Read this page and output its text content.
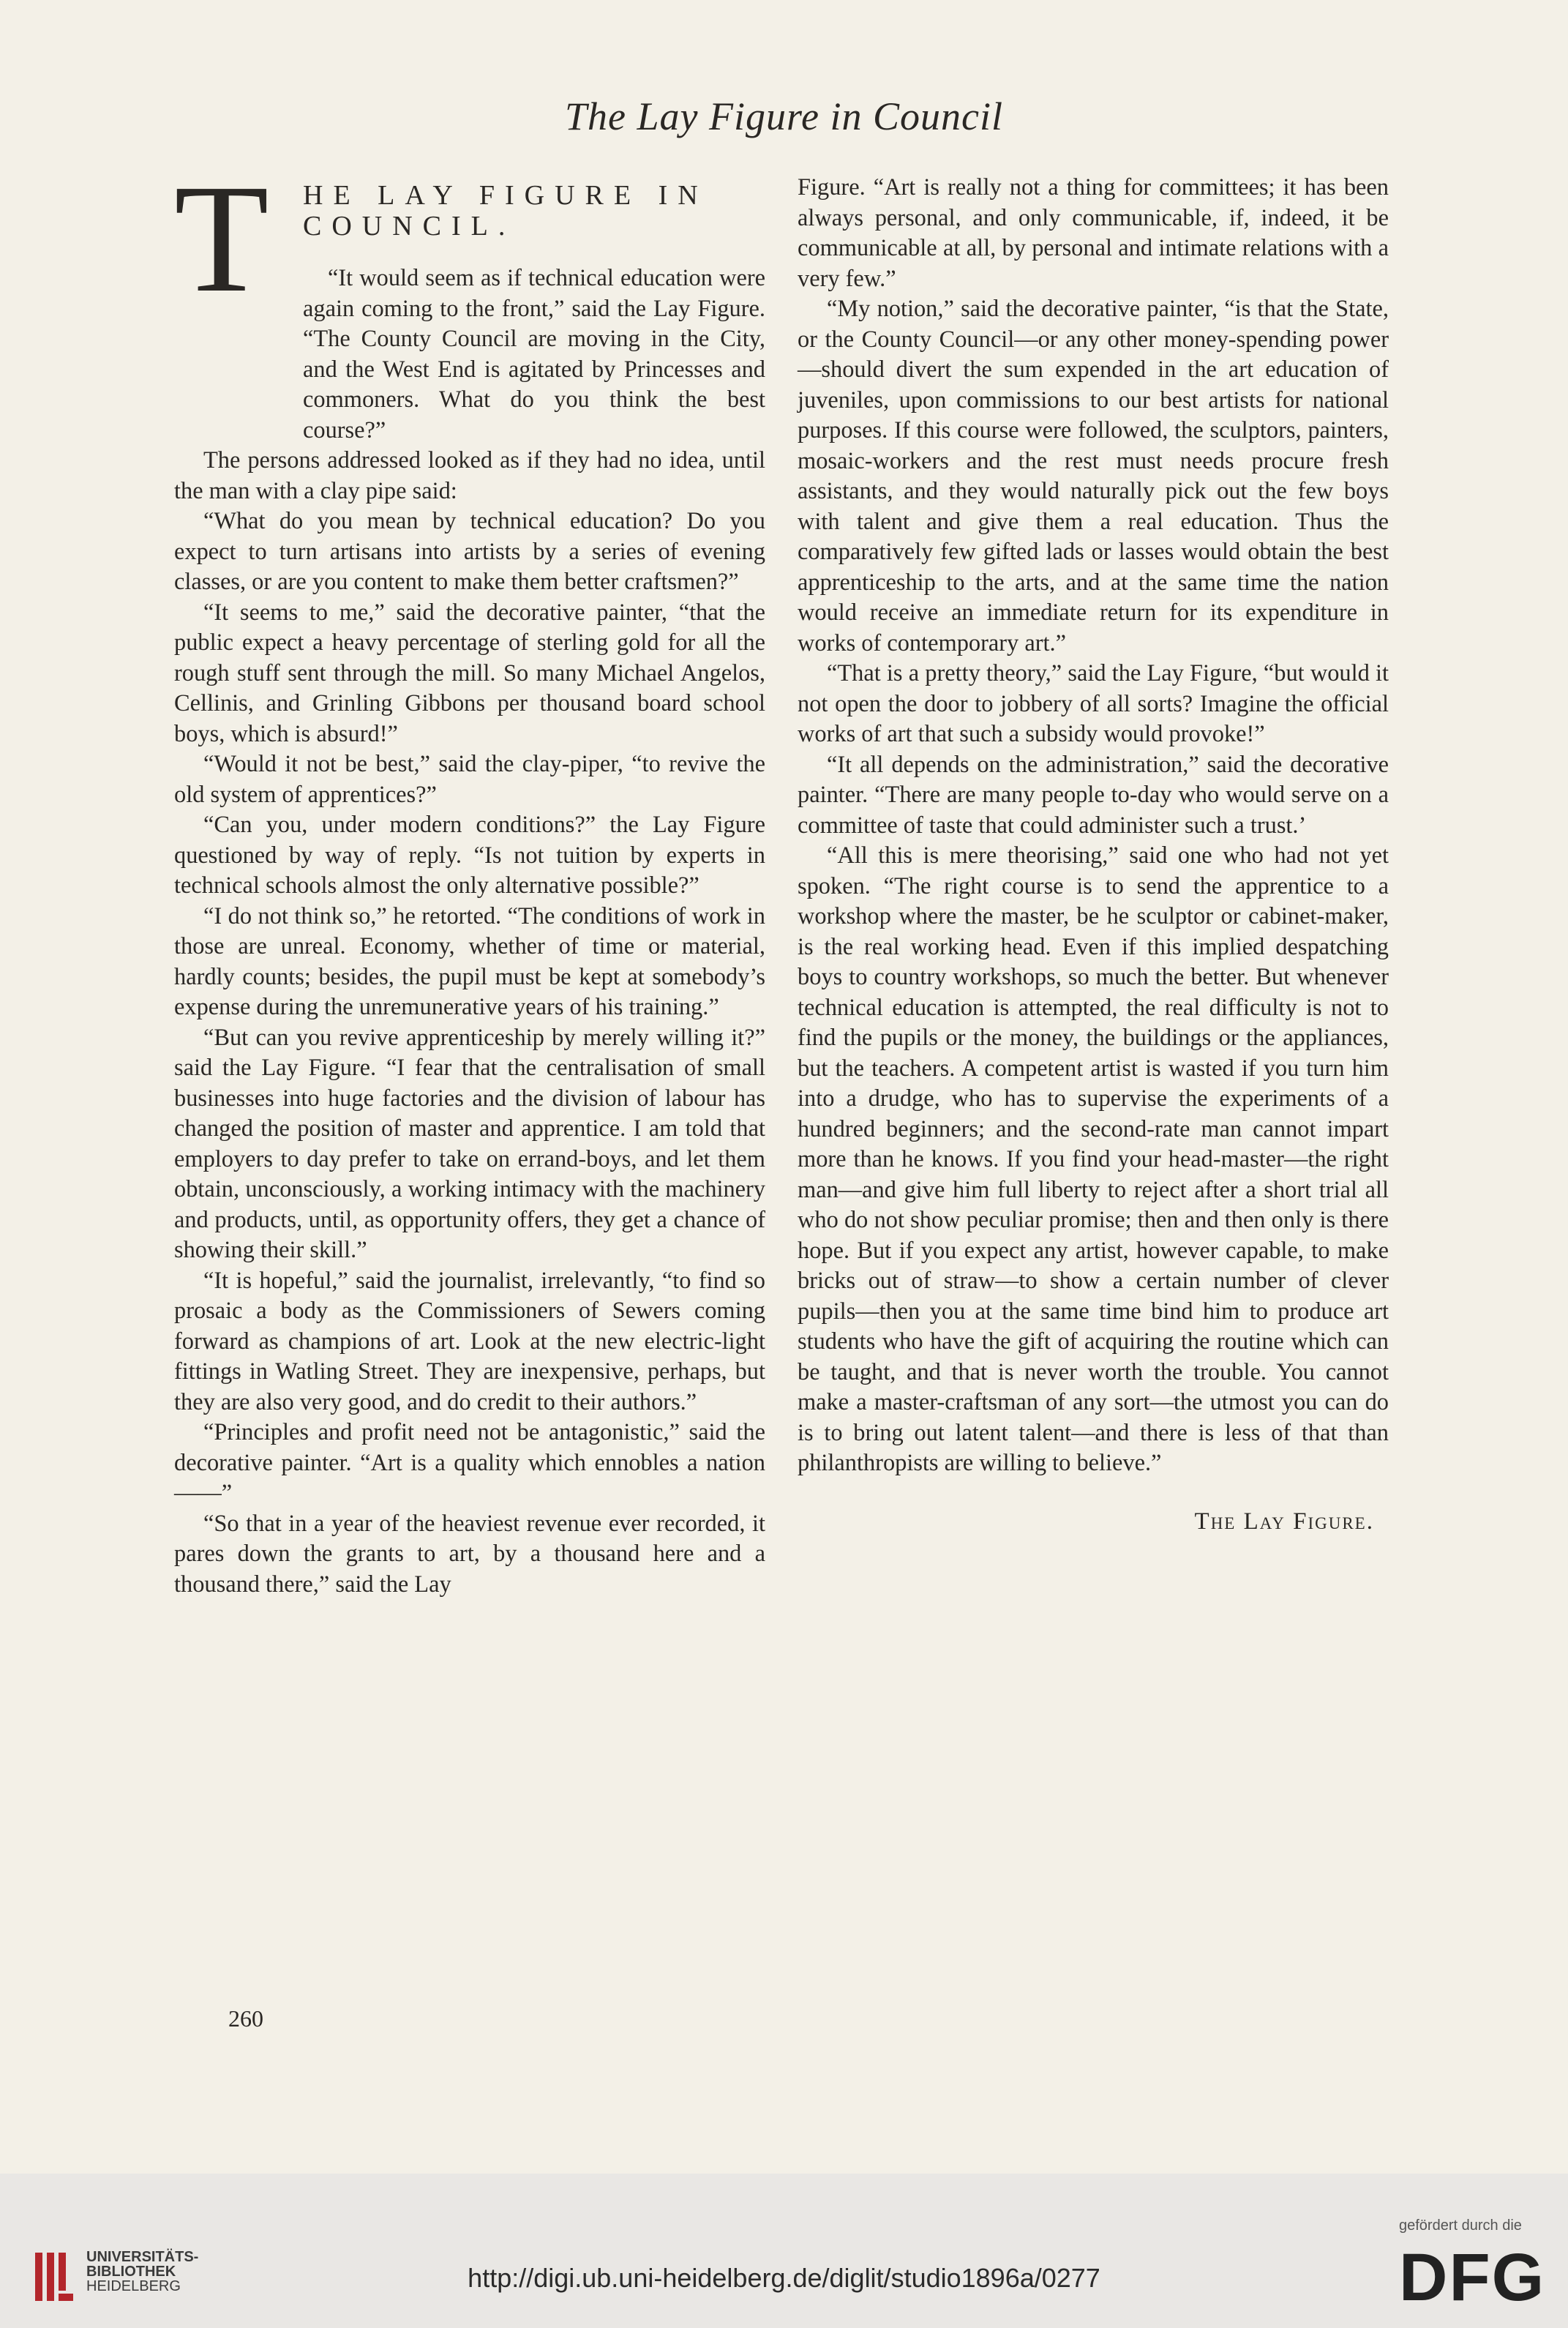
The Lay Figure in Council
T HE LAY FIGURE IN
COUNCIL.

“It would seem as if technical education were again coming to the front,” said the Lay Figure. “The County Council are moving in the City, and the West End is agitated by Princesses and commoners. What do you think the best course?”

The persons addressed looked as if they had no idea, until the man with a clay pipe said:

“What do you mean by technical education? Do you expect to turn artisans into artists by a series of evening classes, or are you content to make them better craftsmen?”

“It seems to me,” said the decorative painter, “that the public expect a heavy percentage of sterling gold for all the rough stuff sent through the mill. So many Michael Angelos, Cellinis, and Grinling Gibbons per thousand board school boys, which is absurd!”

“Would it not be best,” said the clay-piper, “to revive the old system of apprentices?”

“Can you, under modern conditions?” the Lay Figure questioned by way of reply. “Is not tuition by experts in technical schools almost the only alternative possible?”

“I do not think so,” he retorted. “The conditions of work in those are unreal. Economy, whether of time or material, hardly counts; besides, the pupil must be kept at somebody’s expense during the unremunerative years of his training.”

“But can you revive apprenticeship by merely willing it?” said the Lay Figure. “I fear that the centralisation of small businesses into huge factories and the division of labour has changed the position of master and apprentice. I am told that employers to day prefer to take on errand-boys, and let them obtain, unconsciously, a working intimacy with the machinery and products, until, as opportunity offers, they get a chance of showing their skill.”

“It is hopeful,” said the journalist, irrelevantly, “to find so prosaic a body as the Commissioners of Sewers coming forward as champions of art. Look at the new electric-light fittings in Watling Street. They are inexpensive, perhaps, but they are also very good, and do credit to their authors.”

“Principles and profit need not be antagonistic,” said the decorative painter. “Art is a quality which ennobles a nation——”

“So that in a year of the heaviest revenue ever recorded, it pares down the grants to art, by a thousand here and a thousand there,” said the Lay

Figure. “Art is really not a thing for committees; it has been always personal, and only communicable, if, indeed, it be communicable at all, by personal and intimate relations with a very few.”

“My notion,” said the decorative painter, “is that the State, or the County Council—or any other money-spending power—should divert the sum expended in the art education of juveniles, upon commissions to our best artists for national purposes. If this course were followed, the sculptors, painters, mosaic-workers and the rest must needs procure fresh assistants, and they would naturally pick out the few boys with talent and give them a real education. Thus the comparatively few gifted lads or lasses would obtain the best apprenticeship to the arts, and at the same time the nation would receive an immediate return for its expenditure in works of contemporary art.”

“That is a pretty theory,” said the Lay Figure, “but would it not open the door to jobbery of all sorts? Imagine the official works of art that such a subsidy would provoke!”

“It all depends on the administration,” said the decorative painter. “There are many people to-day who would serve on a committee of taste that could administer such a trust.’

“All this is mere theorising,” said one who had not yet spoken. “The right course is to send the apprentice to a workshop where the master, be he sculptor or cabinet-maker, is the real working head. Even if this implied despatching boys to country workshops, so much the better. But whenever technical education is attempted, the real difficulty is not to find the pupils or the money, the buildings or the appliances, but the teachers. A competent artist is wasted if you turn him into a drudge, who has to supervise the experiments of a hundred beginners; and the second-rate man cannot impart more than he knows. If you find your head-master—the right man—and give him full liberty to reject after a short trial all who do not show peculiar promise; then and then only is there hope. But if you expect any artist, however capable, to make bricks out of straw—to show a certain number of clever pupils—then you at the same time bind him to produce art students who have the gift of acquiring the routine which can be taught, and that is never worth the trouble. You cannot make a master-craftsman of any sort—the utmost you can do is to bring out latent talent—and there is less of that than philanthropists are willing to believe.”

The Lay Figure.
260
UNIVERSITÄTS-
BIBLIOTHEK
HEIDELBERG	http://digi.ub.uni-heidelberg.de/diglit/studio1896a/0277
gefördert durch die
DFG
